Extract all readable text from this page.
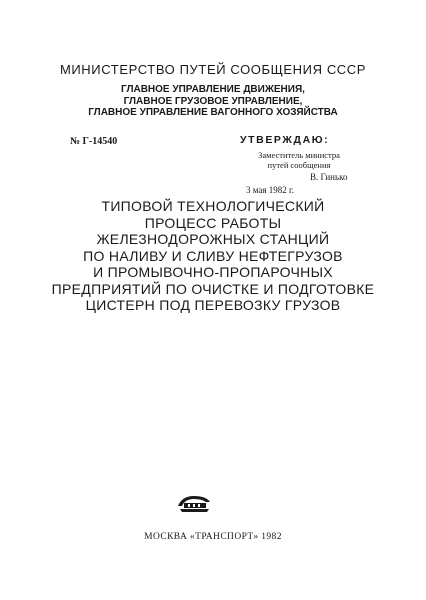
МИНИСТЕРСТВО ПУТЕЙ СООБЩЕНИЯ СССР
ГЛАВНОЕ УПРАВЛЕНИЕ ДВИЖЕНИЯ,
ГЛАВНОЕ ГРУЗОВОЕ УПРАВЛЕНИЕ,
ГЛАВНОЕ УПРАВЛЕНИЕ ВАГОННОГО ХОЗЯЙСТВА
№ Г-14540	УТВЕРЖДАЮ:
Заместитель министра
путей сообщения
В. Гинько
3 мая 1982 г.
ТИПОВОЙ ТЕХНОЛОГИЧЕСКИЙ
ПРОЦЕСС РАБОТЫ
ЖЕЛЕЗНОДОРОЖНЫХ СТАНЦИЙ
ПО НАЛИВУ И СЛИВУ НЕФТЕГРУЗОВ
И ПРОМЫВОЧНО-ПРОПАРОЧНЫХ
ПРЕДПРИЯТИЙ ПО ОЧИСТКЕ И ПОДГОТОВКЕ
ЦИСТЕРН ПОД ПЕРЕВОЗКУ ГРУЗОВ
МОСКВА «ТРАНСПОРТ» 1982
